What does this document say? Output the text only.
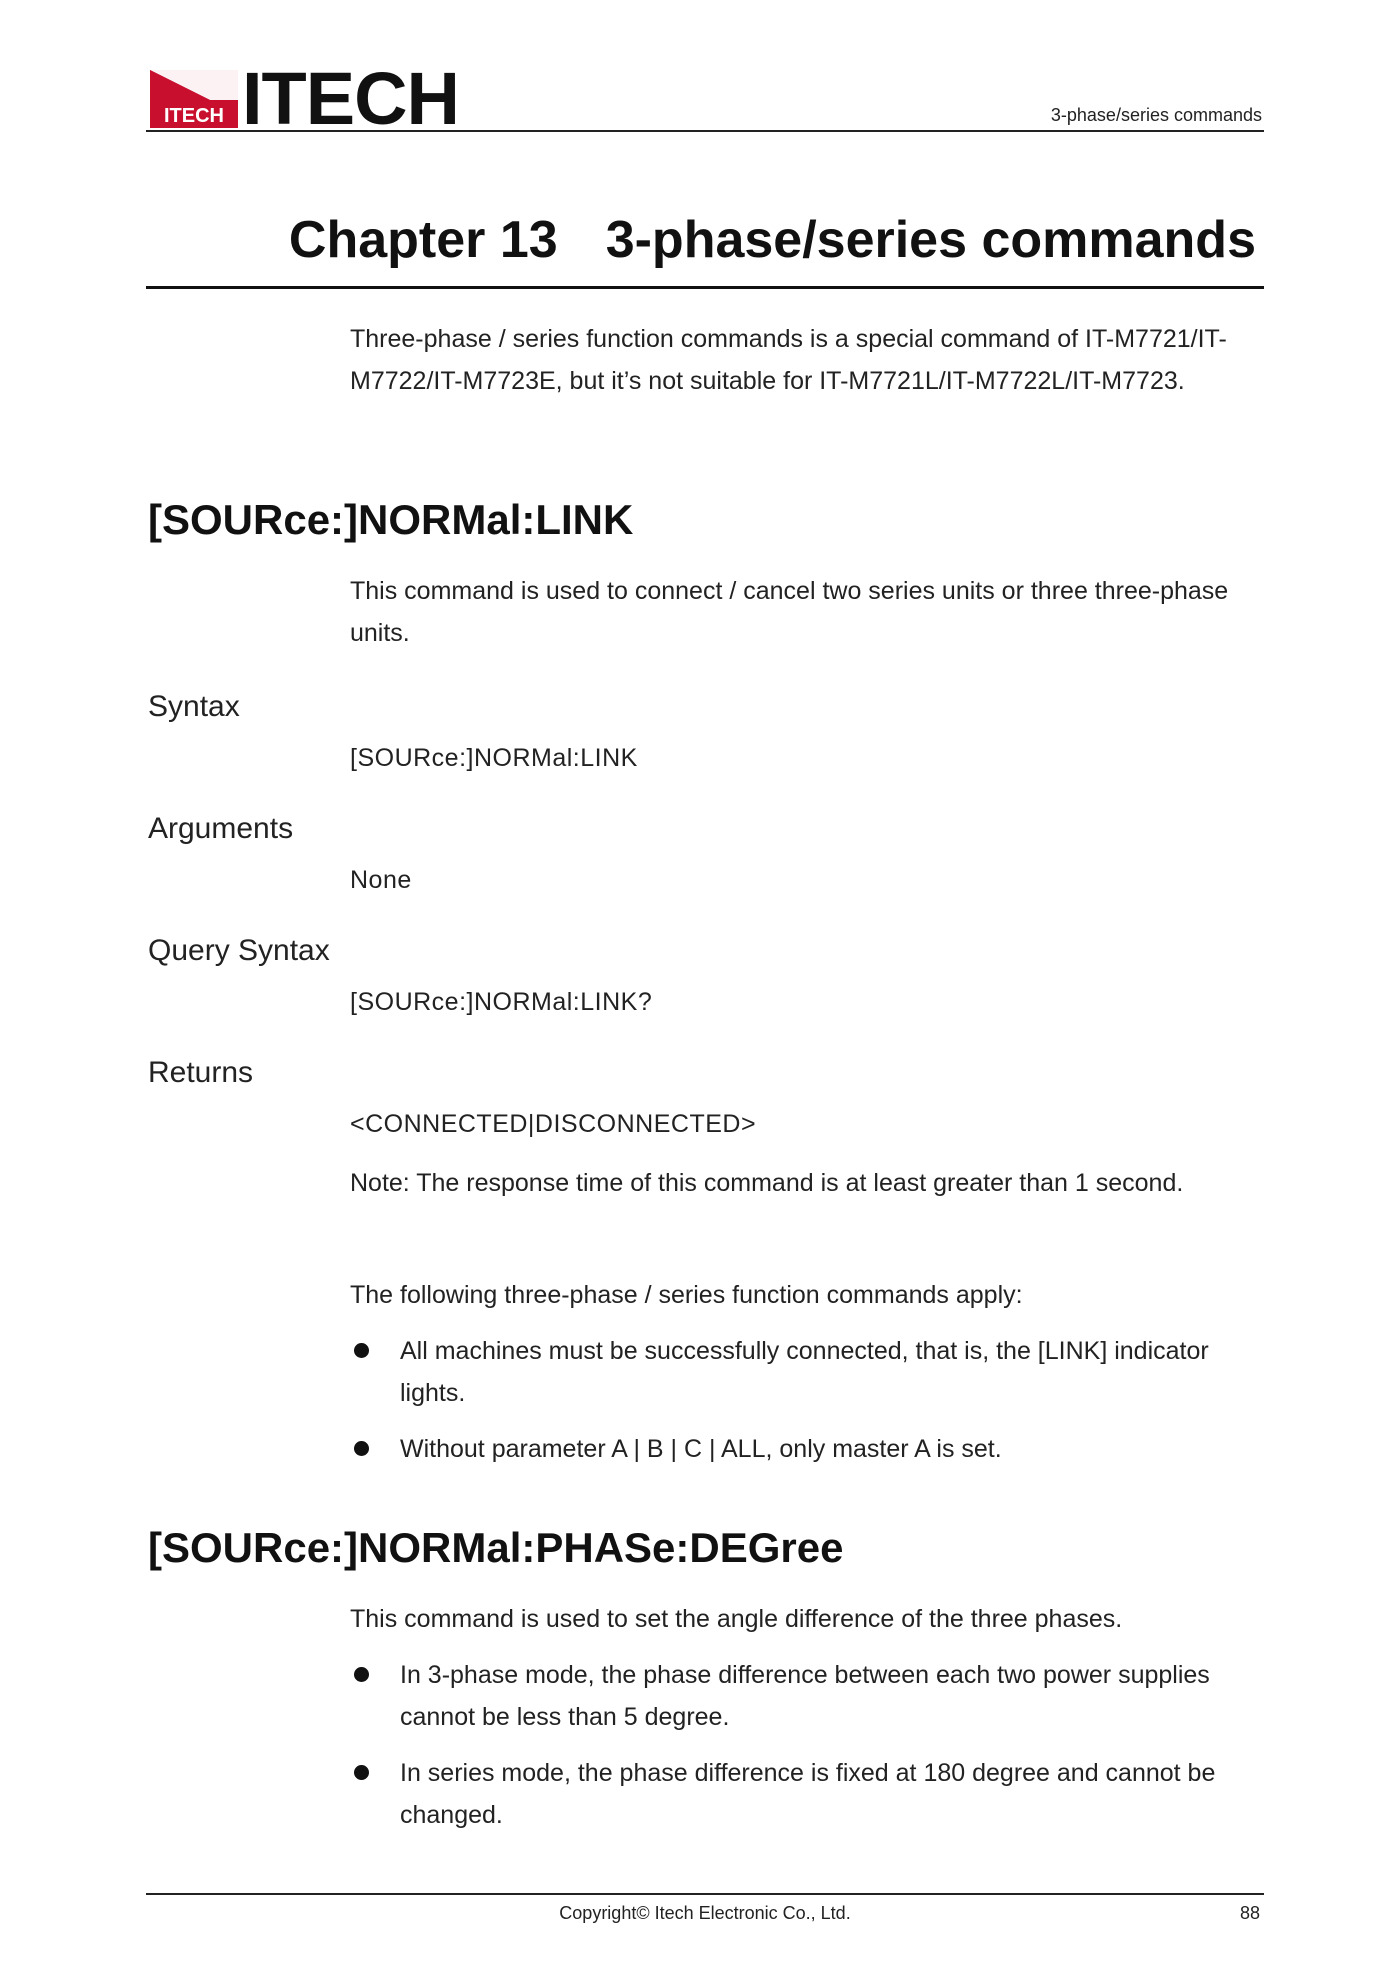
ITECH ITECH	3-phase/series commands
Chapter 13 3-phase/series commands
Three-phase / series function commands is a special command of IT-M7721/IT-M7722/IT-M7723E, but it’s not suitable for IT-M7721L/IT-M7722L/IT-M7723.
[SOURce:]NORMal:LINK
This command is used to connect / cancel two series units or three three-phase units.
Syntax
[SOURce:]NORMal:LINK
Arguments
None
Query Syntax
[SOURce:]NORMal:LINK?
Returns
<CONNECTED|DISCONNECTED>
Note: The response time of this command is at least greater than 1 second.
The following three-phase / series function commands apply:
All machines must be successfully connected, that is, the [LINK] indicator lights.
Without parameter A | B | C | ALL, only master A is set.
[SOURce:]NORMal:PHASe:DEGree
This command is used to set the angle difference of the three phases.
In 3-phase mode, the phase difference between each two power supplies cannot be less than 5 degree.
In series mode, the phase difference is fixed at 180 degree and cannot be changed.
Copyright© Itech Electronic Co., Ltd.	88
